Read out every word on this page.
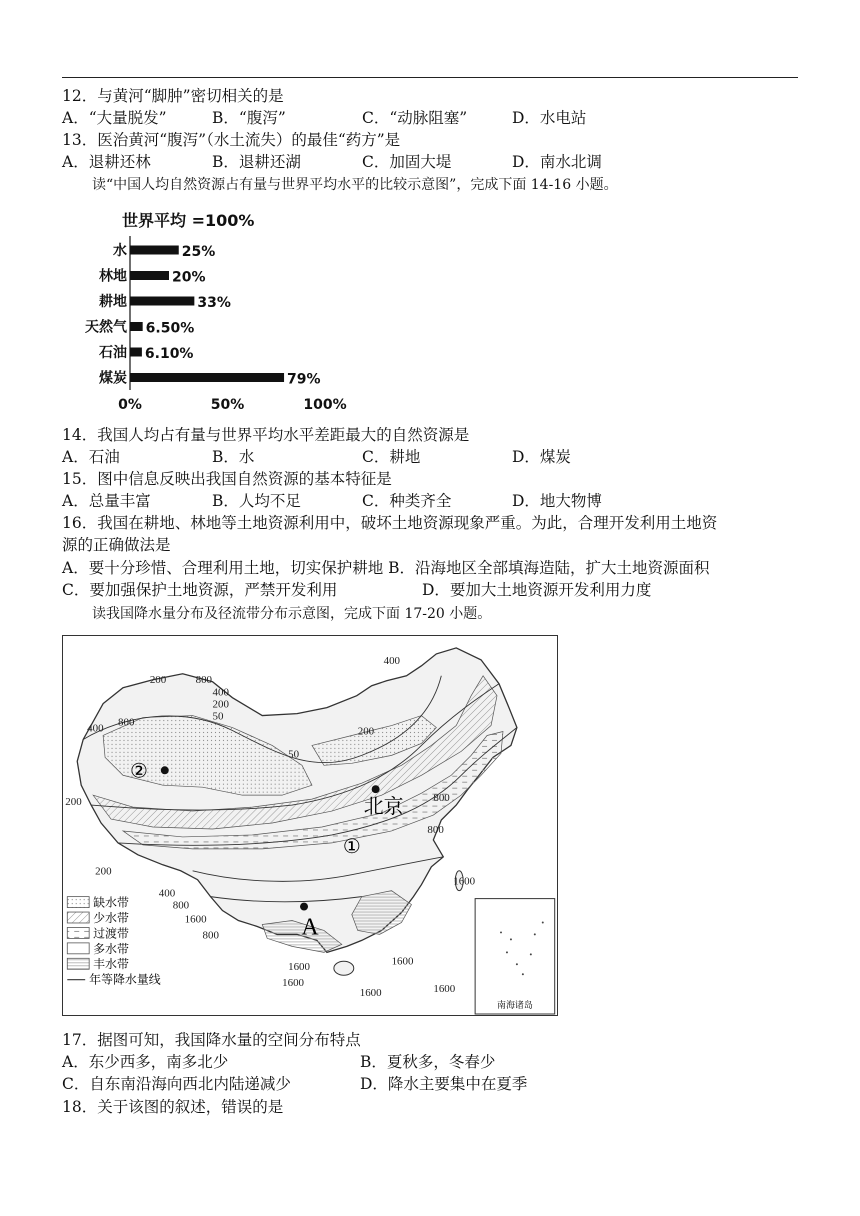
12．与黄河“脚肿”密切相关的是
A．“大量脱发”	B．“腹泻”	C．“动脉阻塞”	D．水电站
13．医治黄河“腹泻”（水土流失）的最佳“药方”是
A．退耕还林	B．退耕还湖	C．加固大堤	D．南水北调
读“中国人均自然资源占有量与世界平均水平的比较示意图”，完成下面 14-16 小题。
世界平均 =100%
水	25%
林地	20%
耕地	33%
天然气 6.50%
石油 6.10%
煤炭	79%
0%	50%	100%
14．我国人均占有量与世界平均水平差距最大的自然资源是
A．石油	B．水	C．耕地	D．煤炭
15．图中信息反映出我国自然资源的基本特征是
A．总量丰富	B．人均不足	C．种类齐全	D．地大物博
16．我国在耕地、林地等土地资源利用中，破坏土地资源现象严重。为此，合理开发利用土地资
源的正确做法是
A．要十分珍惜、合理利用土地，切实保护耕地 B．沿海地区全部填海造陆，扩大土地资源面积
C．要加强保护土地资源，严禁开发利用	D．要加大土地资源开发利用力度
读我国降水量分布及径流带分布示意图，完成下面 17-20 小题。
南海诸岛
②
北京
①
A
400
200	800
400
200
50
400 800
200
50
200	800
800
200
1600
400
800
1600
800
1600
1600
1600
1600	1600
缺水带
少水带
过渡带
多水带
丰水带
年等降水量线
17．据图可知，我国降水量的空间分布特点
A．东少西多，南多北少	B．夏秋多，冬春少
C．自东南沿海向西北内陆递减少	D．降水主要集中在夏季
18．关于该图的叙述，错误的是
